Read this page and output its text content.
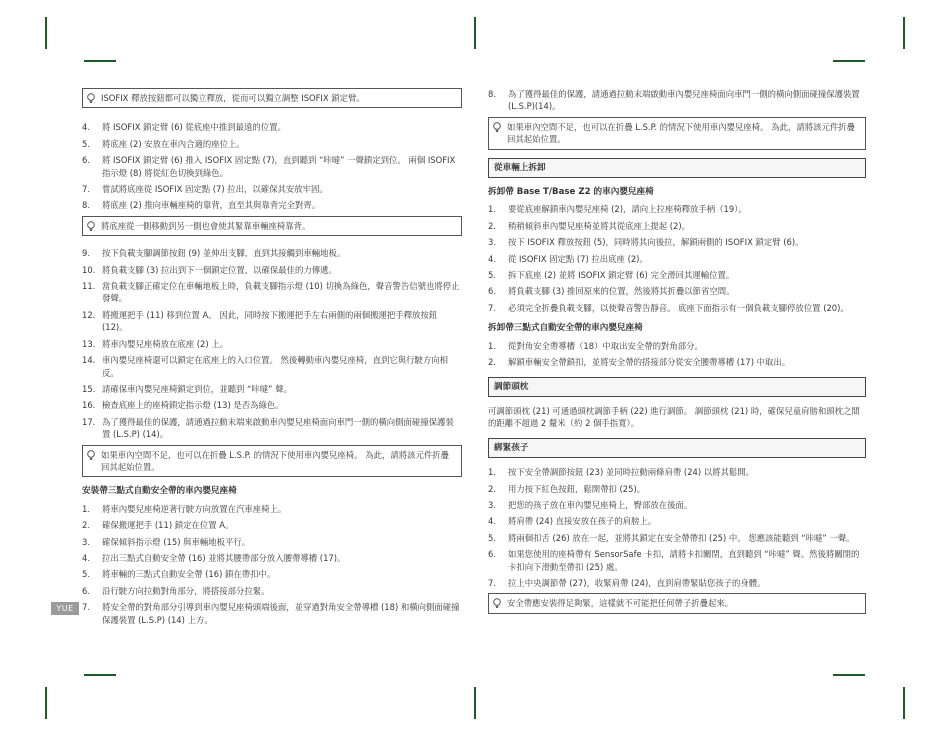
ISOFIX 釋放按鈕都可以獨立釋放，從而可以獨立調整 ISOFIX 鎖定臂。
4.	將 ISOFIX 鎖定臂 (6) 從底座中推到最遠的位置。
5.	將底座 (2) 安放在車內合適的座位上。
6.	將 ISOFIX 鎖定臂 (6) 推入 ISOFIX 固定點 (7)，直到聽到 “咔噠” 一聲鎖定到位。 兩個 ISOFIX 指示燈 (8) 將從紅色切換到綠色。
7.	嘗試將底座從 ISOFIX 固定點 (7) 拉出，以確保其安放牢固。
8.	將底座 (2) 推向車輛座椅的靠背，直至其與靠背完全對齊。
將底座從一側移動到另一側也會使其緊靠車輛座椅靠背。
9.	按下負載支腳調節按鈕 (9) 並伸出支腳，直到其接觸到車輛地板。
10. 將負載支腳 (3) 拉出到下一個鎖定位置，以確保最佳的力傳遞。
11. 當負載支腳正確定位在車輛地板上時，負載支腳指示燈 (10) 切換為綠色，聲音警告信號也將停止發聲。
12. 將搬運把手 (11) 移到位置 A。 因此，同時按下搬運把手左右兩側的兩個搬運把手釋放按鈕 (12)。
13. 將車內嬰兒座椅放在底座 (2) 上。
14. 車內嬰兒座椅還可以鎖定在底座上的入口位置。 然後轉動車內嬰兒座椅，直到它與行駛方向相反。
15. 請確保車內嬰兒座椅鎖定到位，並聽到 “咔噠” 聲。
16. 檢查底座上的座椅鎖定指示燈 (13) 是否為綠色。
17. 為了獲得最佳的保護，請通過拉動末端來啟動車內嬰兒座椅面向車門一側的橫向側面碰撞保護裝置 (L.S.P) (14)。
如果車內空間不足，也可以在折疊 L.S.P. 的情況下使用車內嬰兒座椅。 為此，請將該元件折疊回其起始位置。
安裝帶三點式自動安全帶的車內嬰兒座椅
1.	將車內嬰兒座椅逆著行駛方向放置在汽車座椅上。
2.	確保搬運把手 (11) 鎖定在位置 A。
3.	確保傾斜指示燈 (15) 與車輛地板平行。
4.	拉出三點式自動安全帶 (16) 並將其腰帶部分放入腰帶導槽 (17)。
5.	將車輛的三點式自動安全帶 (16) 鎖在帶扣中。
6.	沿行駛方向拉動對角部分，將搭接部分拉緊。
7.	將安全帶的對角部分引導到車內嬰兒座椅頭端後面，並穿過對角安全帶導槽 (18) 和橫向側面碰撞保護裝置 (L.S.P) (14) 上方。
YUE
8.	為了獲得最佳的保護，請通過拉動末端啟動車內嬰兒座椅面向車門一側的橫向側面碰撞保護裝置 (L.S.P)(14)。
如果車內空間不足，也可以在折疊 L.S.P. 的情況下使用車內嬰兒座椅。 為此，請將該元件折疊回其起始位置。
從車輛上拆卸
拆卸帶 Base T/Base Z2 的車內嬰兒座椅
1.	要從底座解鎖車內嬰兒座椅 (2)，請向上拉座椅釋放手柄（19）。
2.	稍稍傾斜車內嬰兒座椅並將其從底座上提起 (2)。
3.	按下 ISOFIX 釋放按鈕 (5)，同時將其向後拉，解鎖兩側的 ISOFIX 鎖定臂 (6)。
4.	從 ISOFIX 固定點 (7) 拉出底座 (2)。
5.	拆下底座 (2) 並將 ISOFIX 鎖定臂 (6) 完全滑回其運輸位置。
6.	將負載支腳 (3) 推回原來的位置，然後將其折疊以節省空間。
7.	必須完全折疊負載支腳，以使聲音警告靜音。 底座下面指示有一個負載支腳停放位置 (20)。
拆卸帶三點式自動安全帶的車內嬰兒座椅
1.	從對角安全帶導槽（18）中取出安全帶的對角部分。
2.	解鎖車輛安全帶鎖扣，並將安全帶的搭接部分從安全腰帶導槽 (17) 中取出。
調節頭枕

可調節頭枕 (21) 可通過頭枕調節手柄 (22) 進行調節。 調節頭枕 (21) 時，確保兒童肩膀和頭枕之間的距離不超過 2 釐米（約 2 個手指寬）。

綁緊孩子
1.	按下安全帶調節按鈕 (23) 並同時拉動兩條肩帶 (24) 以將其鬆開。
2.	用力按下紅色按鈕，鬆開帶扣 (25)。
3.	把您的孩子放在車內嬰兒座椅上，臀部放在後面。
4.	將肩帶 (24) 直接安放在孩子的肩膀上。
5.	將兩個扣舌 (26) 放在一起，並將其鎖定在安全帶帶扣 (25) 中。 您應該能聽到 “咔噠” 一聲。
6.	如果您使用的座椅帶有 SensorSafe 卡扣，請將卡扣關閉，直到聽到 “咔噠” 聲。然後將關閉的卡扣向下滑動至帶扣 (25) 處。
7.	拉上中央調節帶 (27)，收緊肩帶 (24)，直到肩帶緊貼您孩子的身體。
安全帶應安裝得足夠緊，這樣就不可能把任何帶子折疊起來。
